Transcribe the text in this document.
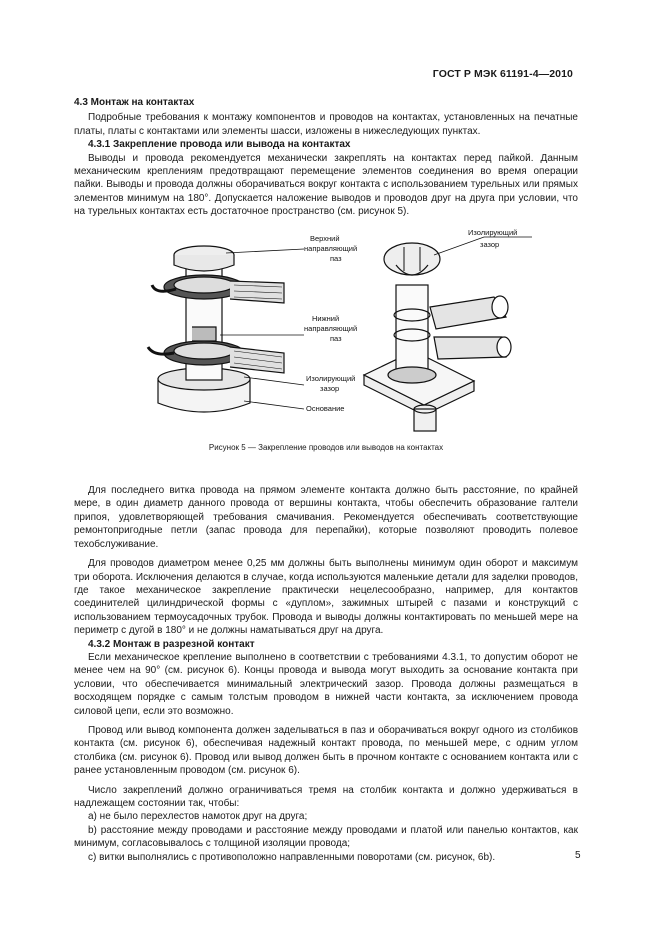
ГОСТ Р МЭК 61191-4—2010
4.3 Монтаж на контактах

Подробные требования к монтажу компонентов и проводов на контактах, установленных на печатные платы, платы с контактами или элементы шасси, изложены в нижеследующих пунктах.

4.3.1 Закрепление провода или вывода на контактах

Выводы и провода рекомендуется механически закреплять на контактах перед пайкой. Данным механическим креплениям предотвращают перемещение элементов соединения во время операции пайки. Выводы и провода должны оборачиваться вокруг контакта с использованием турельных или прямых элементов минимум на 180°. Допускается наложение выводов и проводов друг на друга при условии, что на турельных контактах есть достаточное пространство (см. рисунок 5).

Верхний
направляющий
паз
Нижний
направляющий
паз
Изолирующий
зазор
Основание
Изолирующий
зазор

Рисунок 5 — Закрепление проводов или выводов на контактах

Для последнего витка провода на прямом элементе контакта должно быть расстояние, по крайней мере, в один диаметр данного провода от вершины контакта, чтобы обеспечить образование галтели припоя, удовлетворяющей требования смачивания. Рекомендуется обеспечивать соответствующие ремонтопригодные петли (запас провода для перепайки), которые позволяют проводить полевое техобслуживание.

Для проводов диаметром менее 0,25 мм должны быть выполнены минимум один оборот и максимум три оборота. Исключения делаются в случае, когда используются маленькие детали для заделки проводов, где такое механическое закрепление практически нецелесообразно, например, для контактов соединителей цилиндрической формы с «дуплом», зажимных штырей с пазами и конструкций с использованием термоусадочных трубок. Провода и выводы должны контактировать по меньшей мере на периметр с дугой в 180° и не должны наматываться друг на друга.

4.3.2 Монтаж в разрезной контакт

Если механическое крепление выполнено в соответствии с требованиями 4.3.1, то допустим оборот не менее чем на 90° (см. рисунок 6). Концы провода и вывода могут выходить за основание контакта при условии, что обеспечивается минимальный электрический зазор. Провода должны размещаться в восходящем порядке с самым толстым проводом в нижней части контакта, за исключением провода силовой цепи, если это возможно.

Провод или вывод компонента должен заделываться в паз и оборачиваться вокруг одного из столбиков контакта (см. рисунок 6), обеспечивая надежный контакт провода, по меньшей мере, с одним углом столбика (см. рисунок 6). Провод или вывод должен быть в прочном контакте с основанием контакта или с ранее установленным проводом (см. рисунок 6).

Число закреплений должно ограничиваться тремя на столбик контакта и должно удерживаться в надлежащем состоянии так, чтобы:

a) не было перехлестов намоток друг на друга;

b) расстояние между проводами и расстояние между проводами и платой или панелью контактов, как минимум, согласовывалось с толщиной изоляции провода;

c) витки выполнялись с противоположно направленными поворотами (см. рисунок, 6b).	5
